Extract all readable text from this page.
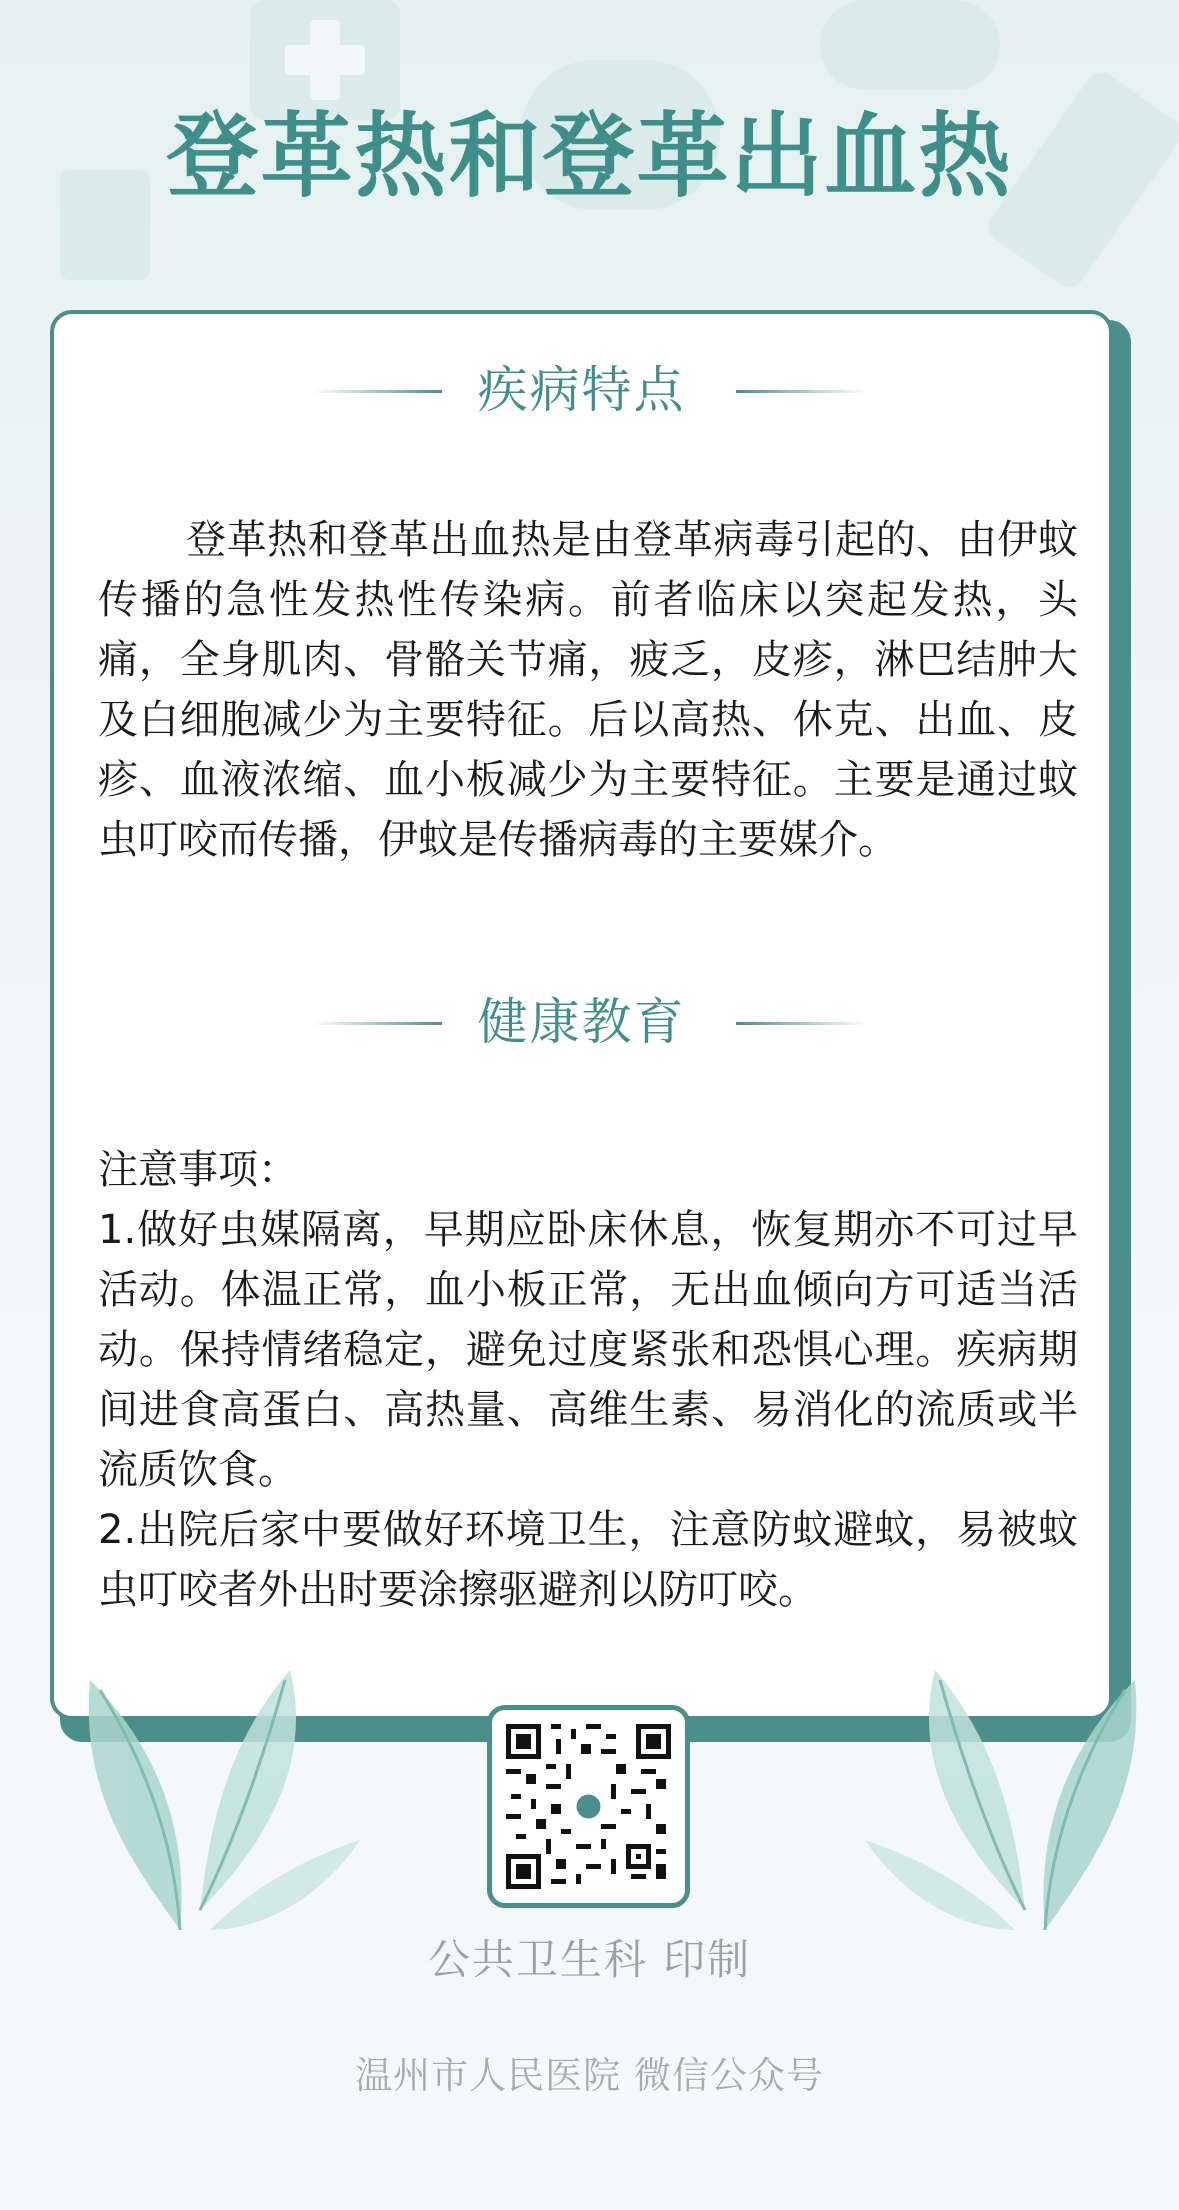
登革热和登革出血热
疾病特点
登革热和登革出血热是由登革病毒引起的、由伊蚊传播的急性发热性传染病。前者临床以突起发热，头痛，全身肌肉、骨骼关节痛，疲乏，皮疹，淋巴结肿大及白细胞减少为主要特征。后以高热、休克、出血、皮疹、血液浓缩、血小板减少为主要特征。主要是通过蚊虫叮咬而传播，伊蚊是传播病毒的主要媒介。
健康教育

注意事项：

1.做好虫媒隔离，早期应卧床休息，恢复期亦不可过早活动。体温正常，血小板正常，无出血倾向方可适当活动。保持情绪稳定，避免过度紧张和恐惧心理。疾病期间进食高蛋白、高热量、高维生素、易消化的流质或半流质饮食。

2.出院后家中要做好环境卫生，注意防蚊避蚊，易被蚊虫叮咬者外出时要涂擦驱避剂以防叮咬。

公共卫生科 印制
温州市人民医院 微信公众号
